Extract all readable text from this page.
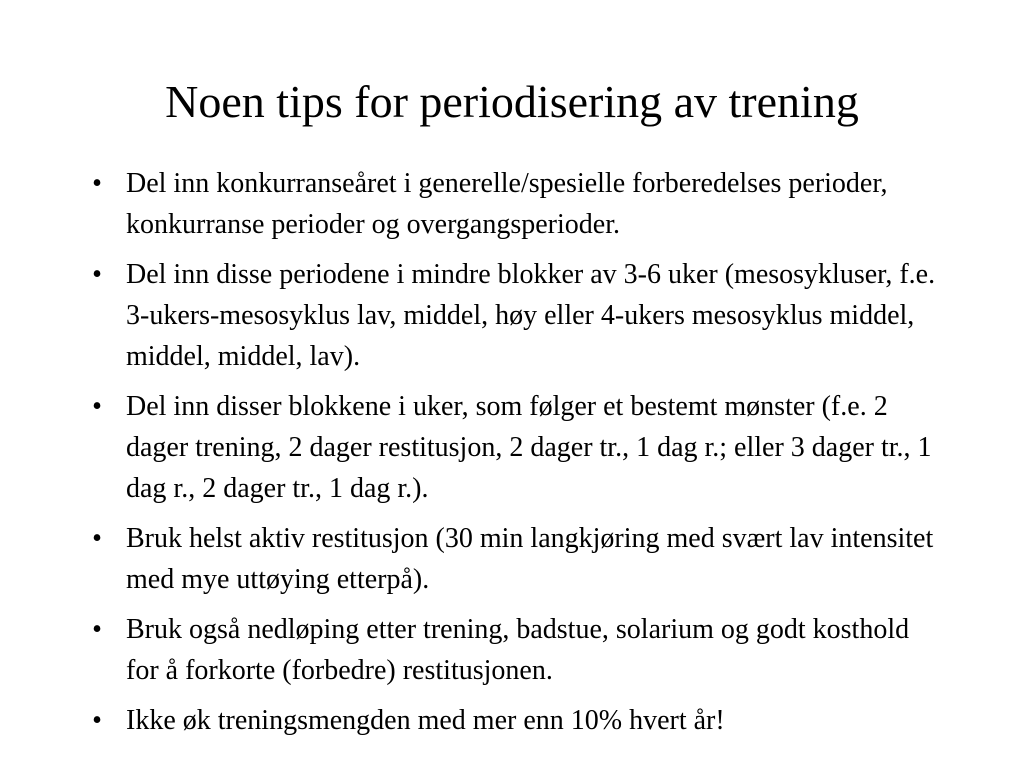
Noen tips for periodisering av trening
• Del inn konkurranseåret i generelle/spesielle forberedelses perioder, konkurranse perioder og overgangsperioder.
• Del inn disse periodene i mindre blokker av 3-6 uker (mesosykluser, f.e. 3-ukers-mesosyklus lav, middel, høy eller 4-ukers mesosyklus middel, middel, middel, lav).
• Del inn disser blokkene i uker, som følger et bestemt mønster (f.e. 2 dager trening, 2 dager restitusjon, 2 dager tr., 1 dag r.; eller 3 dager tr., 1 dag r., 2 dager tr., 1 dag r.).
• Bruk helst aktiv restitusjon (30 min langkjøring med svært lav intensitet med mye uttøying etterpå).
• Bruk også nedløping etter trening, badstue, solarium og godt kosthold for å forkorte (forbedre) restitusjonen.
• Ikke øk treningsmengden med mer enn 10% hvert år!
